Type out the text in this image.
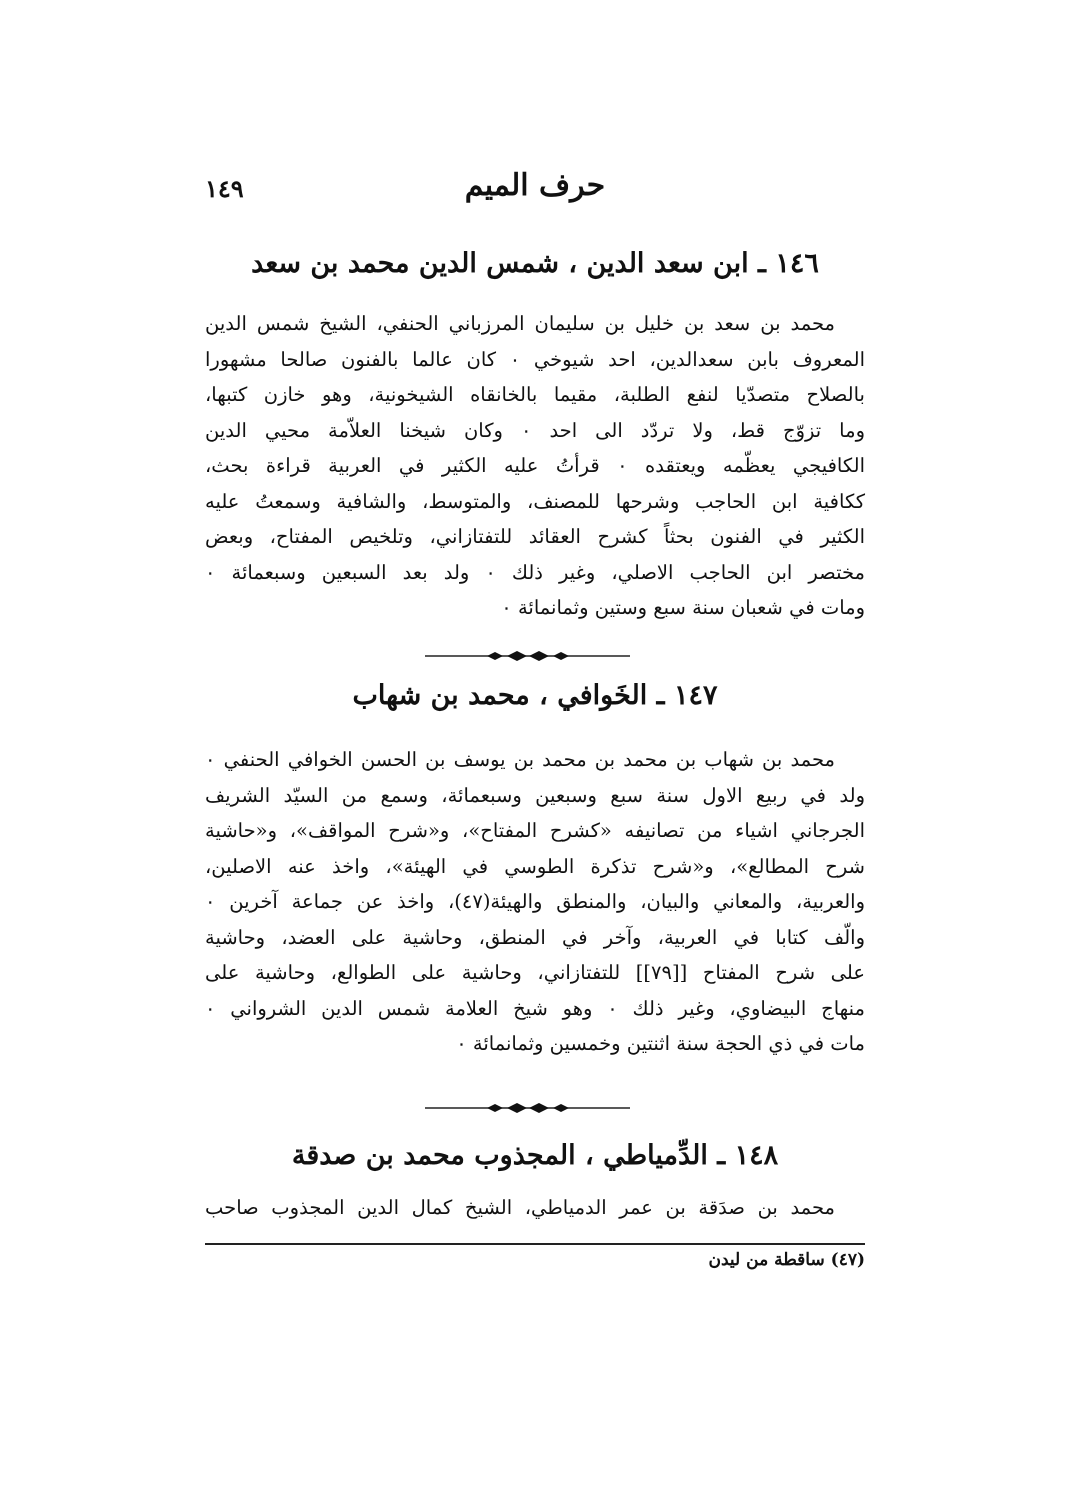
حرف الميم
١٤٩
١٤٦ ـ ابن سعد الدين ، شمس الدين محمد بن سعد
محمد بن سعد بن خليل بن سليمان المرزباني الحنفي، الشيخ شمس الدين
المعروف بابن سعدالدين، احد شيوخي ٠ كان عالما بالفنون صالحا مشهورا
بالصلاح متصدّيا لنفع الطلبة، مقيما بالخانقاه الشيخونية، وهو خازن كتبها،
وما تزوّج قط، ولا تردّد الى احد ٠ وكان شيخنا العلاّمة محيي الدين
الكافيجي يعظّمه ويعتقده ٠ قرأتُ عليه الكثير في العربية قراءة بحث،
ككافية ابن الحاجب وشرحها للمصنف، والمتوسط، والشافية وسمعتُ عليه
الكثير في الفنون بحثاً كشرح العقائد للتفتازاني، وتلخيص المفتاح، وبعض
مختصر ابن الحاجب الاصلي، وغير ذلك ٠ ولد بعد السبعين وسبعمائة ٠
ومات في شعبان سنة سبع وستين وثمانمائة ٠
١٤٧ ـ الخَوافي ، محمد بن شهاب
محمد بن شهاب بن محمد بن محمد بن يوسف بن الحسن الخوافي الحنفي ٠
ولد في ربيع الاول سنة سبع وسبعين وسبعمائة، وسمع من السيّد الشريف
الجرجاني اشياء من تصانيفه «كشرح المفتاح»، و«شرح المواقف»، و«حاشية
شرح المطالع»، و«شرح تذكرة الطوسي في الهيئة»، واخذ عنه الاصلين،
والعربية، والمعاني والبيان، والمنطق والهيئة(٤٧)، واخذ عن جماعة آخرين ٠
والّف كتابا في العربية، وآخر في المنطق، وحاشية على العضد، وحاشية
على شرح المفتاح [[٧٩]] للتفتازاني، وحاشية على الطوالع، وحاشية على
منهاج البيضاوي، وغير ذلك ٠ وهو شيخ العلامة شمس الدين الشرواني ٠
مات في ذي الحجة سنة اثنتين وخمسين وثمانمائة ٠
١٤٨ ـ الدِّمياطي ، المجذوب محمد بن صدقة
محمد بن صدَقة بن عمر الدمياطي، الشيخ كمال الدين المجذوب صاحب
(٤٧) ساقطة من ليدن
